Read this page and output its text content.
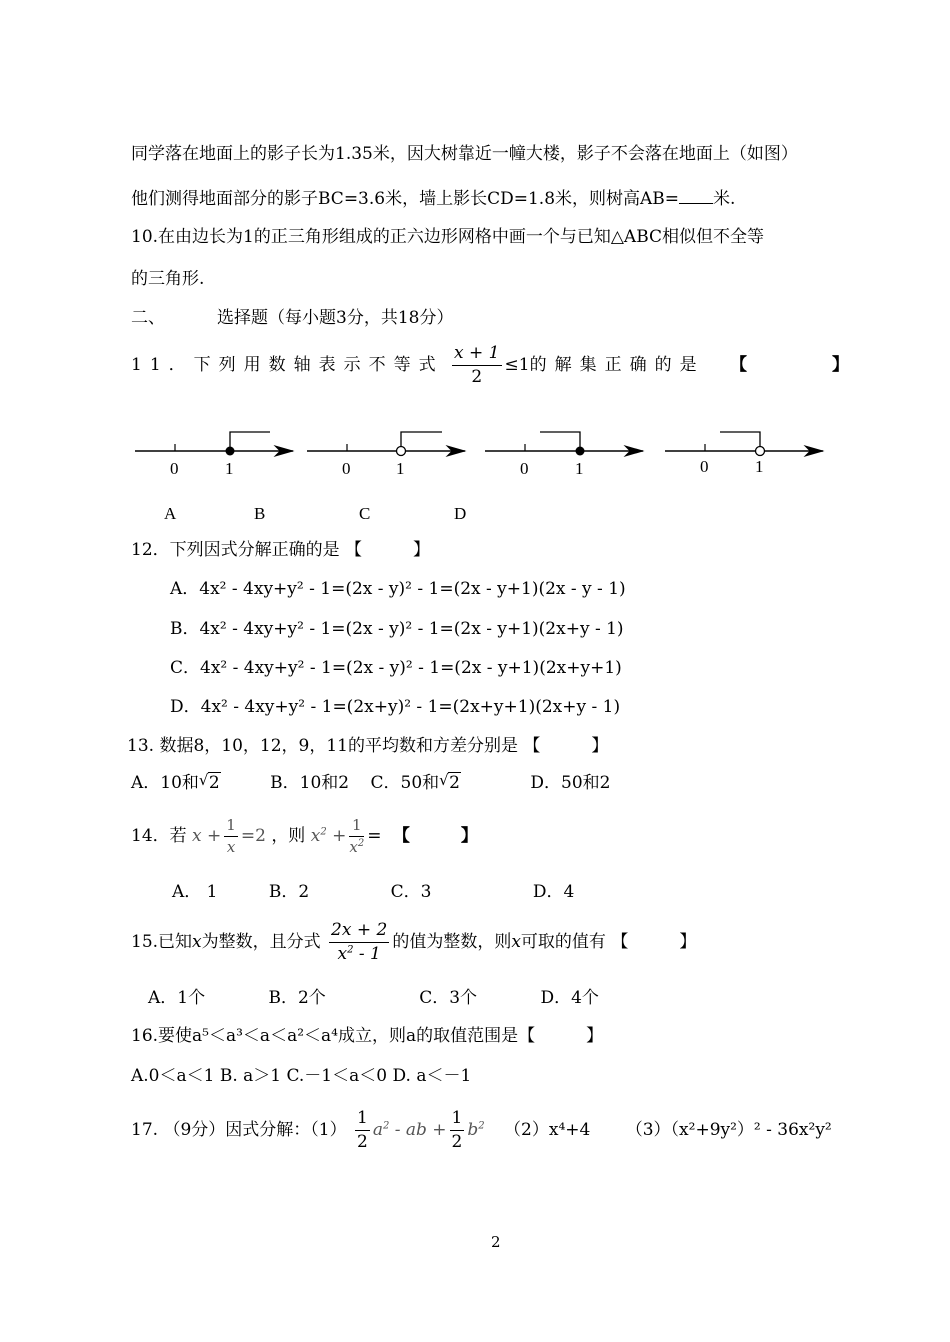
同学落在地面上的影子长为1.35米，因大树靠近一幢大楼，影子不会落在地面上（如图）
他们测得地面部分的影子BC=3.6米，墙上影长CD=1.8米，则树高AB= 米.
10.在由边长为1的正三角形组成的正六边形网格中画一个与已知△ABC相似但不全等
的三角形.
二、	选择题（每小题3分，共18分）
11．下列用数轴表示不等式 $\frac{x + 1}{2} \le 1$的解集正确的是 【　　　　　】
0	1	0	1	0	1	0	1
A	B	C	D
12．下列因式分解正确的是 【　　　】
A．4x² - 4xy+y² - 1=(2x - y)² - 1=(2x - y+1)(2x - y - 1)
B．4x² - 4xy+y² - 1=(2x - y)² - 1=(2x - y+1)(2x+y - 1)
C．4x² - 4xy+y² - 1=(2x - y)² - 1=(2x - y+1)(2x+y+1)
D．4x² - 4xy+y² - 1=(2x+y)² - 1=(2x+y+1)(2x+y - 1)
13. 数据8，10，12，9，11的平均数和方差分别是 【　　　】
A．10和 √ 2	B．10和2 C．50和 √ 2	D．50和2
14．若 $x + \frac{1}{x} =2$ ，则 $x^2 + \frac{1}{x^2}$ = 【　　　】
A． 1	B．2	C．3	D．4
15.已知x为整数，且分式 $\frac{2x + 2}{x^2 - 1}$ 的值为整数，则x可取的值有 【　　　】
A．1个	B．2个	C．3个	D．4个
16.要使a⁵＜a³＜a＜a²＜a⁴成立，则a的取值范围是【　　　】
A.0＜a＜1 B. a＞1 C.－1＜a＜0 D. a＜－1
17. （9分）因式分解：$(1) \frac{1}{2} a^2$ - ab + $\frac{1}{2} b^2$ （2）x⁴+4 （3）（x²+9y²）² - 36x²y²
2
